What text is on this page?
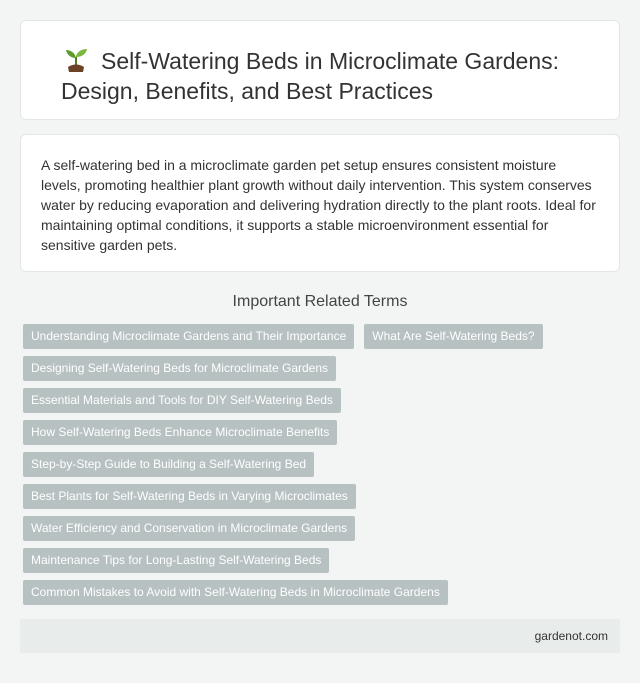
Self-Watering Beds in Microclimate Gardens: Design, Benefits, and Best Practices

A self-watering bed in a microclimate garden pet setup ensures consistent moisture levels, promoting healthier plant growth without daily intervention. This system conserves water by reducing evaporation and delivering hydration directly to the plant roots. Ideal for maintaining optimal conditions, it supports a stable microenvironment essential for sensitive garden pets.

Important Related Terms
Understanding Microclimate Gardens and Their Importance What Are Self-Watering Beds?
Designing Self-Watering Beds for Microclimate Gardens
Essential Materials and Tools for DIY Self-Watering Beds
How Self-Watering Beds Enhance Microclimate Benefits
Step-by-Step Guide to Building a Self-Watering Bed
Best Plants for Self-Watering Beds in Varying Microclimates
Water Efficiency and Conservation in Microclimate Gardens
Maintenance Tips for Long-Lasting Self-Watering Beds
Common Mistakes to Avoid with Self-Watering Beds in Microclimate Gardens
gardenot.com
